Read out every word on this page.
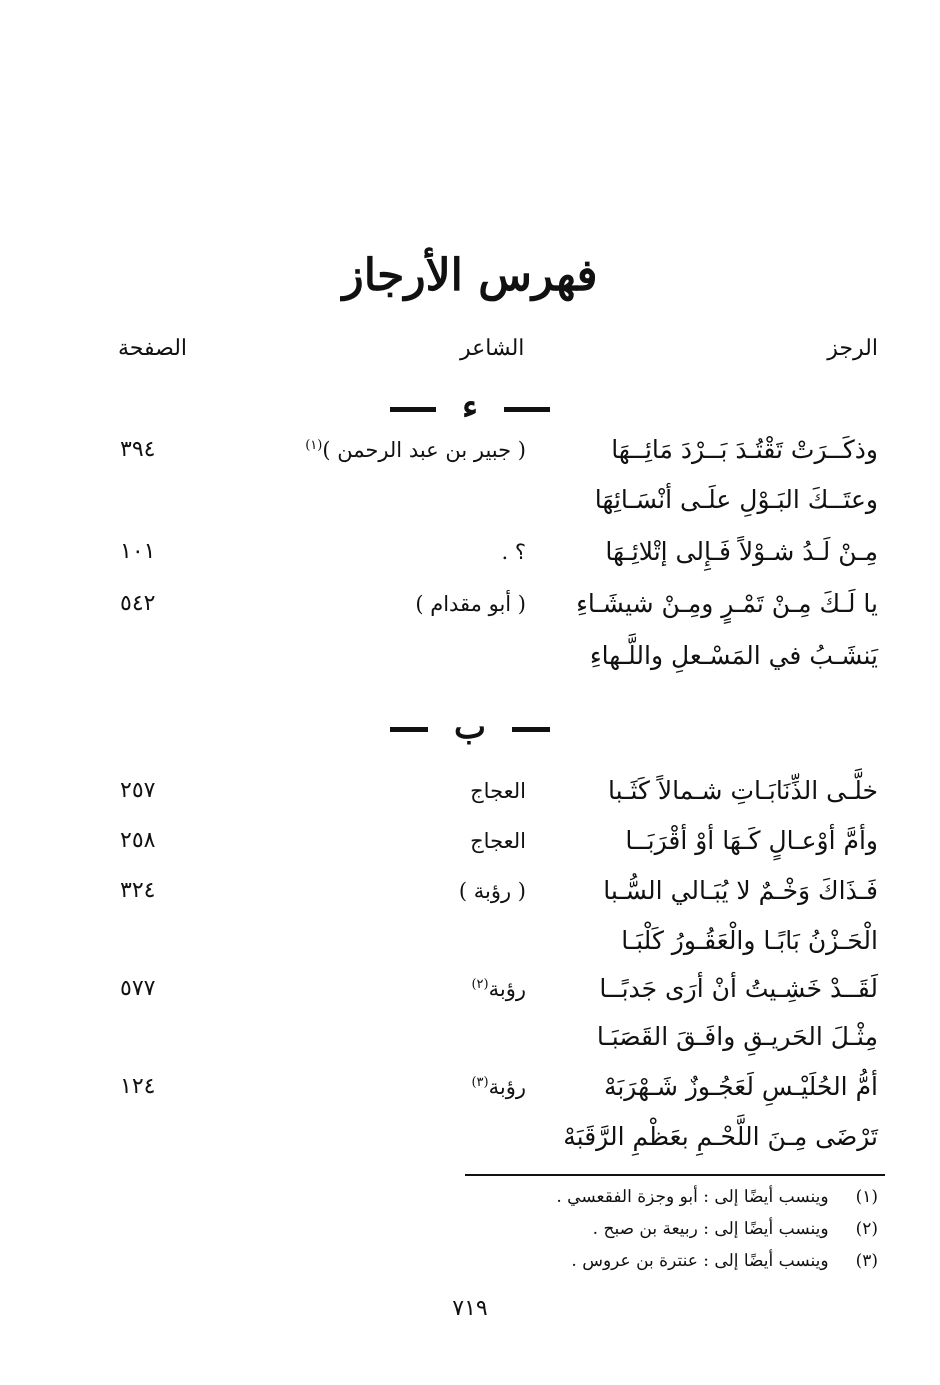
فهرس الأرجاز
الرجز
الشاعر
الصفحة
ء
وذكَــرَتْ تَقْتُـدَ بَــرْدَ مَائِــهَا
( جبير بن عبد الرحمن )$^{(١)}$
٣٩٤
وعتَــكَ البَـوْلِ علَـى أنْسَـائِهَا
مِـنْ لَـدُ شـوْلاً فَـإِلى إتْلائِـهَا
؟ .
١٠١
يا لَـكَ مِـنْ تَمْـرٍ ومِـنْ شيشَـاءِ
( أبو مقدام )
٥٤٢
يَنشَـبُ في المَسْـعلِ واللَّـهاءِ
ب
خلَّـى الذِّنَابَـاتِ شـمالاً كَثَـبا
العجاج
٢٥٧
وأمَّ أوْعـالٍ كَـهَا أوْ أقْرَبَــا
العجاج
٢٥٨
فَـذَاكَ وَخْـمٌ لا يُبَـالي السُّـبا
( رؤبة )
٣٢٤
الْحَـزْنُ بَابًـا والْعَقُـورُ كَلْبَـا
لَقَــدْ خَشِـيتُ أنْ أرَى جَدبًــا
رؤبة$^{(٢)}$
٥٧٧
مِثْـلَ الحَريـقِ وافَـقَ القَصَبَـا
أمُّ الحُلَيْـسِ لَعَجُـوزٌ شَـهْرَبَهْ
رؤبة$^{(٣)}$
١٢٤
تَرْضَى مِـنَ اللَّحْـمِ بعَظْمِ الرَّقَبَهْ
(١) وينسب أيضًا إلى : أبو وجزة الفقعسي .
(٢) وينسب أيضًا إلى : ربيعة بن صبح .
(٣) وينسب أيضًا إلى : عنترة بن عروس .
٧١٩
